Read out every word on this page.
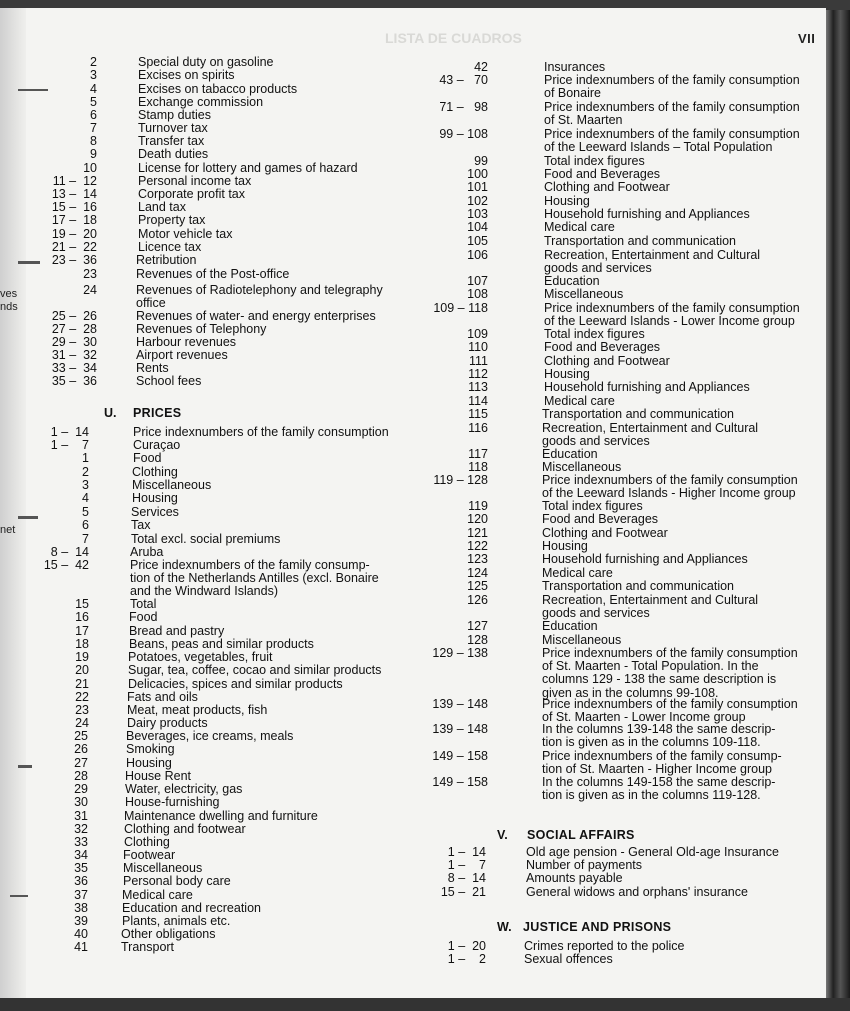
LISTA DE CUADROS	VII
ves
nds
net
2	Special duty on gasoline
3	Excises on spirits
4	Excises on tabacco products
5	Exchange commission
6	Stamp duties
7	Turnover tax
8	Transfer tax
9	Death duties
10	License for lottery and games of hazard
11 –  12	Personal income tax
13 –  14	Corporate profit tax
15 –  16	Land tax
17 –  18	Property tax
19 –  20	Motor vehicle tax
21 –  22	Licence tax
23 –  36	Retribution
23	Revenues of the Post-office
24	Revenues of Radiotelephony and telegraphy
office
25 –  26	Revenues of water- and energy enterprises
27 –  28	Revenues of Telephony
29 –  30	Harbour revenues
31 –  32	Airport revenues
33 –  34	Rents
35 –  36	School fees
U. PRICES
1 –  14	Price indexnumbers of the family consumption
1 –    7	Curaçao
1	Food
2	Clothing
3	Miscellaneous
4	Housing
5	Services
6	Tax
7	Total excl. social premiums
8 –  14	Aruba
15 –  42	Price indexnumbers of the family consump-
tion of the Netherlands Antilles (excl. Bonaire
and the Windward Islands)
15	Total
16	Food
17	Bread and pastry
18	Beans, peas and similar products
19	Potatoes, vegetables, fruit
20	Sugar, tea, coffee, cocao and similar products
21	Delicacies, spices and similar products
22	Fats and oils
23	Meat, meat products, fish
24	Dairy products
25	Beverages, ice creams, meals
26	Smoking
27	Housing
28	House Rent
29	Water, electricity, gas
30	House-furnishing
31	Maintenance dwelling and furniture
32	Clothing and footwear
33	Clothing
34	Footwear
35	Miscellaneous
36	Personal body care
37	Medical care
38	Education and recreation
39	Plants, animals etc.
40	Other obligations
41	Transport
42	Insurances
43 –   70	Price indexnumbers of the family consumption
of Bonaire
71 –   98	Price indexnumbers of the family consumption
of St. Maarten
99 – 108	Price indexnumbers of the family consumption
of the Leeward Islands – Total Population
99	Total index figures
100	Food and Beverages
101	Clothing and Footwear
102	Housing
103	Household furnishing and Appliances
104	Medical care
105	Transportation and communication
106	Recreation, Entertainment and Cultural
goods and services
107	Education
108	Miscellaneous
109 – 118	Price indexnumbers of the family consumption
of the Leeward Islands - Lower Income group
109	Total index figures
110	Food and Beverages
111	Clothing and Footwear
112	Housing
113	Household furnishing and Appliances
114	Medical care
115	Transportation and communication
116	Recreation, Entertainment and Cultural
goods and services
117	Education
118	Miscellaneous
119 – 128	Price indexnumbers of the family consumption
of the Leeward Islands - Higher Income group
119	Total index figures
120	Food and Beverages
121	Clothing and Footwear
122	Housing
123	Household furnishing and Appliances
124	Medical care
125	Transportation and communication
126	Recreation, Entertainment and Cultural
goods and services
127	Education
128	Miscellaneous
129 – 138	Price indexnumbers of the family consumption
of St. Maarten - Total Population. In the
columns 129 - 138 the same description is
given as in the columns 99-108.
139 – 148	Price indexnumbers of the family consumption
of St. Maarten - Lower Income group
139 – 148	In the columns 139-148 the same descrip-
tion is given as in the columns 109-118.
149 – 158	Price indexnumbers of the family consump-
tion of St. Maarten - Higher Income group
149 – 158	In the columns 149-158 the same descrip-
tion is given as in the columns 119-128.
V. SOCIAL AFFAIRS
1 –  14	Old age pension - General Old-age Insurance
1 –    7	Number of payments
8 –  14	Amounts payable
15 –  21	General widows and orphans' insurance
W. JUSTICE AND PRISONS
1 –  20	Crimes reported to the police
1 –    2	Sexual offences
